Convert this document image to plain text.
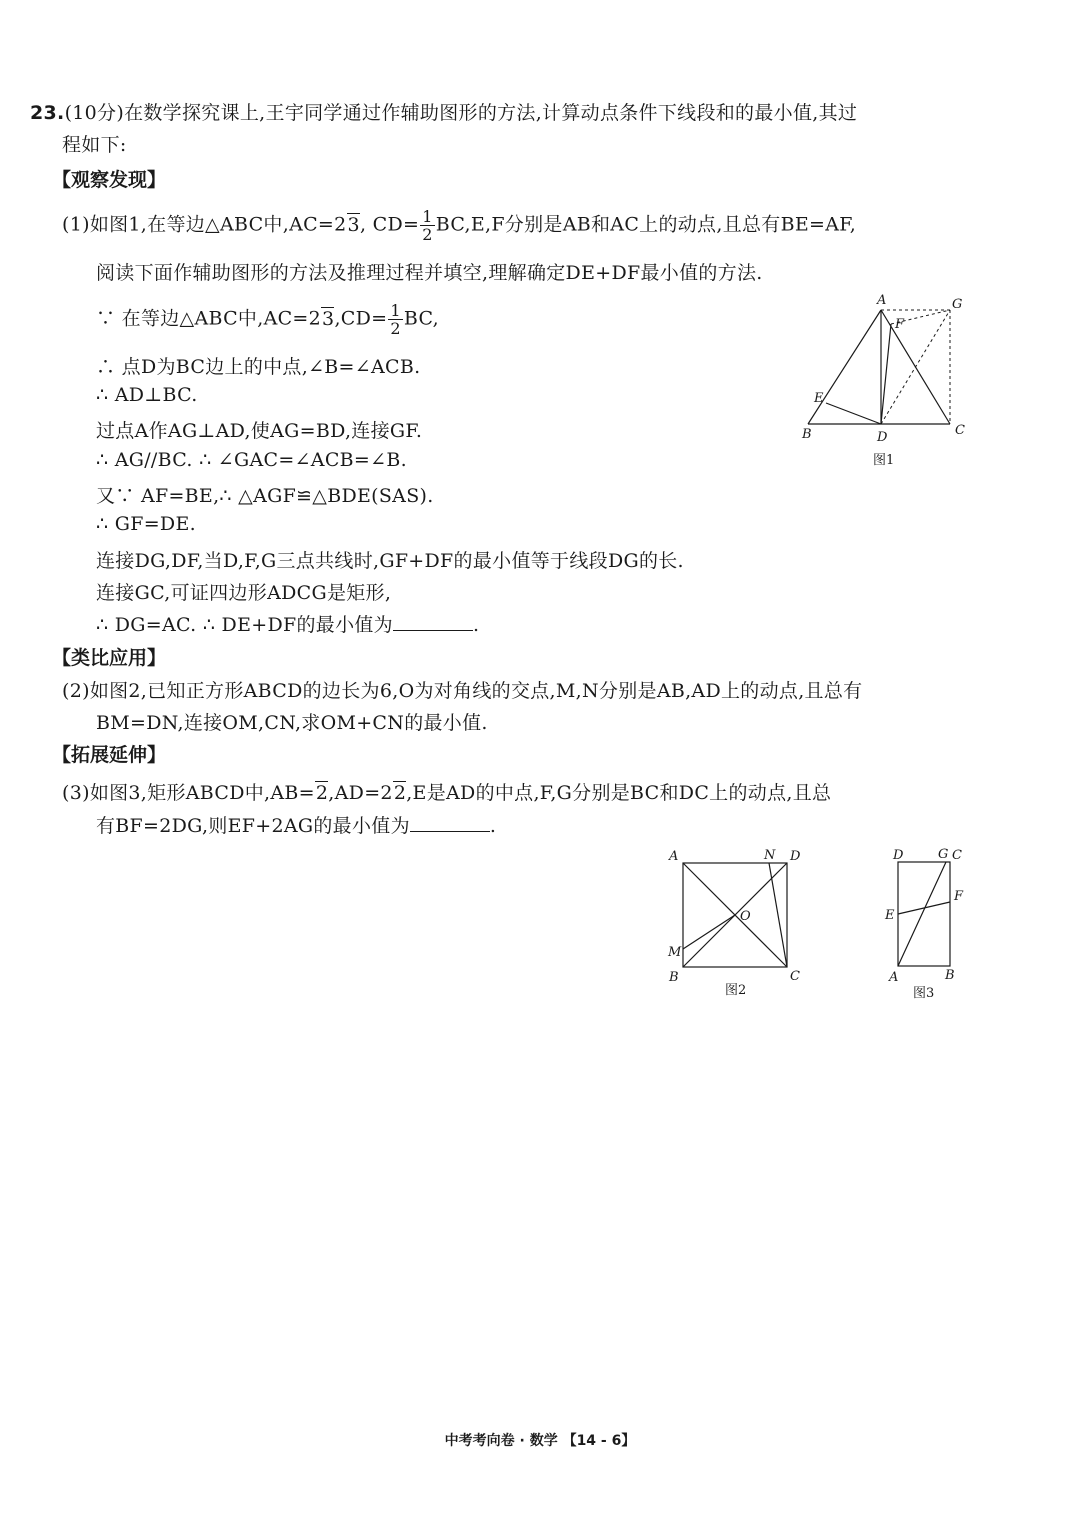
23.(10分)在数学探究课上,王宇同学通过作辅助图形的方法,计算动点条件下线段和的最小值,其过
程如下:
【观察发现】
(1)如图1,在等边△ABC中,AC=23, $CD= \frac{1}{2} BC,E,F$分别是AB和AC上的动点,且总有BE=AF,
阅读下面作辅助图形的方法及推理过程并填空,理解确定DE+DF最小值的方法.
∵ 在等边△ABC中$,AC=23,CD= \frac{1}{2}$ BC,
∴ 点D为BC边上的中点,∠B=∠ACB.
∴ AD⊥BC.
过点A作AG⊥AD,使AG=BD,连接GF.
∴ AG//BC. ∴ ∠GAC=∠ACB=∠B.
又∵ AF=BE,∴ △AGF≌△BDE(SAS).
∴ GF=DE.
连接DG,DF,当D,F,G三点共线时,GF+DF的最小值等于线段DG的长.
连接GC,可证四边形ADCG是矩形,
∴ DG=AC. ∴ DE+DF的最小值为	.
【类比应用】
(2)如图2,已知正方形ABCD的边长为6,O为对角线的交点,M,N分别是AB,AD上的动点,且总有
BM=DN,连接OM,CN,求OM+CN的最小值.
【拓展延伸】
(3)如图3,矩形ABCD中,AB=2,AD=22,E是AD的中点,F,G分别是BC和DC上的动点,且总
有BF=2DG,则EF+2AG的最小值为	.
A	G
F
E
B	D	C
图1
A	N D
O
M
B	C
图2
D	G C
F
E
A	B
图3
中考考向卷 · 数学 【14 - 6】
